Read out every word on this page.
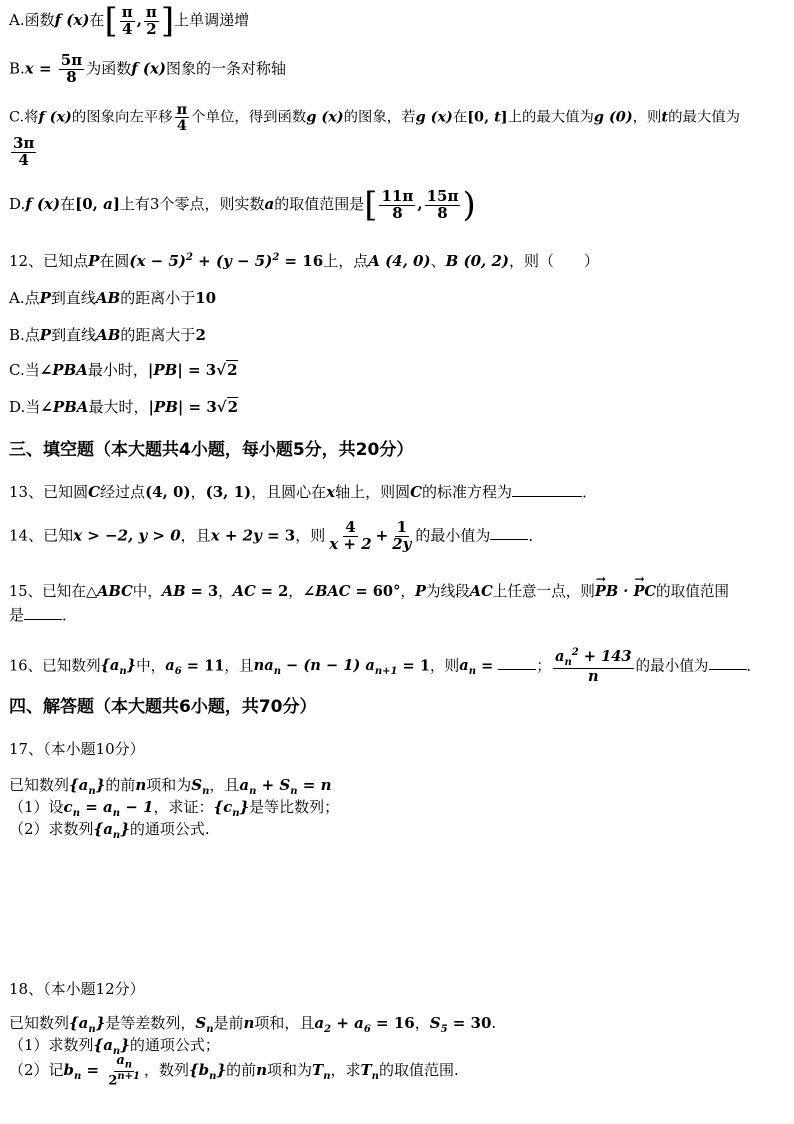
A.函数f (x)在[ $\frac{\pi}{4}$ , $\frac{\pi}{2}$ ]上单调递增
$B.x = \frac{5\pi}{8}$ 为函数f (x)图象的一条对称轴
C.将f (x)的图象向左平移 $\frac{\pi}{4}$ 个单位，得到函数g (x)的图象，若g (x)在[0, t]上的最大值为g (0)，则t的最大值为
$\frac{3\pi}{4}$
D.f (x)在[0, a]上有3个零点，则实数a的取值范围是[ $\frac{11\pi}{8}$ , $\frac{15\pi}{8}$ )
12、已知点P在圆$(x - 5)^2 + (y - 5)^2 = 16$上，点A (4, 0)、B (0, 2)，则（　　）
A.点P到直线AB的距离小于10
B.点P到直线AB的距离大于2
C.当∠PBA最小时，|PB| = 3√2
D.当∠PBA最大时，|PB| = 3√2
三、填空题（本大题共4小题，每小题5分，共20分）
13、已知圆C经过点(4, 0)，(3, 1)，且圆心在x轴上，则圆C的标准方程为	．
14、已知x > −2, y > 0，且x + 2y = 3，则 $\frac{4}{x + 2} + \frac{1}{2y}$ 的最小值为	．
15、已知在△ABC中，AB = 3，AC = 2，∠BAC = 60°，P为线段AC上任意一点，则→ PB · → PC的取值范围
是	．
16、已知数列$\{a_n\}$中，$a_6 = 11$，且$na_n - (n - 1) a_{n+1} = 1$，则$a_n$ =	； $\frac{a_n^2 + 143}{n}$ 的最小值为	．
四、解答题（本大题共6小题，共70分）
17、（本小题10分）
已知数列$\{a_n\}$的前n项和为$S_n$，且$a_n + S_n = n$
（1）设$c_n = a_n - 1$，求证：$\{c_n\}$是等比数列；
（2）求数列$\{a_n\}$的通项公式.
18、（本小题12分）
已知数列$\{a_n\}$是等差数列，$S_n$是前n项和，且$a_2 + a_6 = 16$，$S_5 = 30$.
（1）求数列$\{a_n\}$的通项公式；
（2）记$b_n = \frac{a_n}{2^{n+1}}$ ，数列$\{b_n\}$的前n项和为$T_n$，求$T_n$的取值范围.
